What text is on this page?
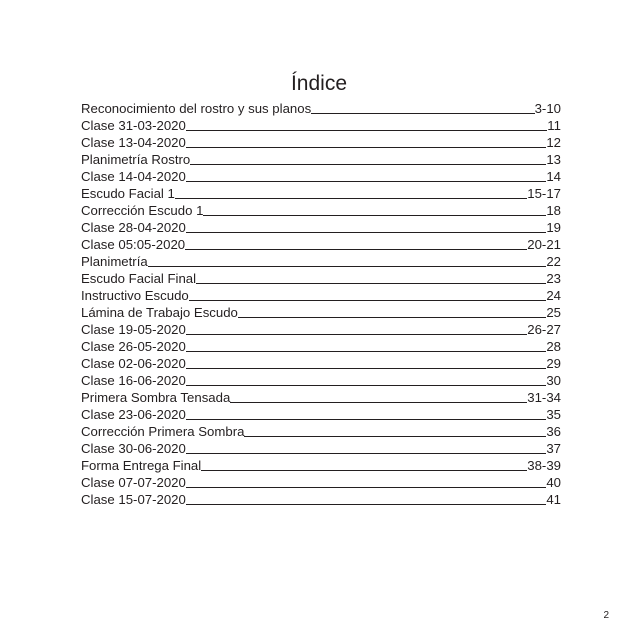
Índice
Reconocimiento del rostro y sus planos	3-10
Clase 31-03-2020	11
Clase 13-04-2020	12
Planimetría Rostro	13
Clase 14-04-2020	14
Escudo Facial 1	15-17
Corrección Escudo 1	18
Clase 28-04-2020	19
Clase 05:05-2020	20-21
Planimetría	22
Escudo Facial Final	23
Instructivo Escudo	24
Lámina de Trabajo Escudo	25
Clase 19-05-2020	26-27
Clase 26-05-2020	28
Clase 02-06-2020	29
Clase 16-06-2020	30
Primera Sombra Tensada	31-34
Clase 23-06-2020	35
Corrección Primera Sombra	36
Clase 30-06-2020	37
Forma Entrega Final	38-39
Clase 07-07-2020	40
Clase 15-07-2020	41
2
